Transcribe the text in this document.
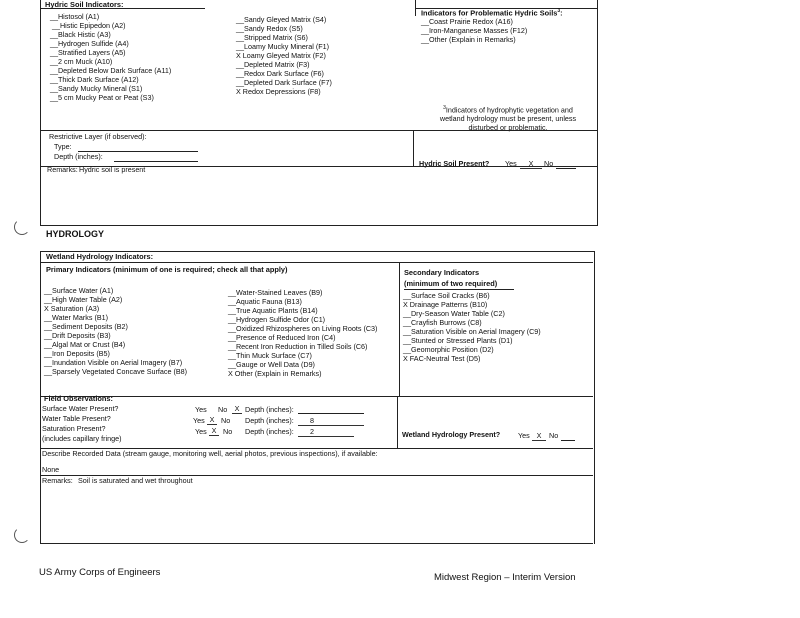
Hydric Soil Indicators:
Indicators for Problematic Hydric Soils$^3$:
__Histosol (A1)
__Histic Epipedon (A2)
__Black Histic (A3)
__Hydrogen Sulfide (A4)
__Stratified Layers (A5)
__2 cm Muck (A10)
__Depleted Below Dark Surface (A11)
__Thick Dark Surface (A12)
__Sandy Mucky Mineral (S1)
__5 cm Mucky Peat or Peat (S3)
__Sandy Gleyed Matrix (S4)
__Sandy Redox (S5)
__Stripped Matrix (S6)
__Loamy Mucky Mineral (F1)
X Loamy Gleyed Matrix (F2)
__Depleted Matrix (F3)
__Redox Dark Surface (F6)
__Depleted Dark Surface (F7)
X Redox Depressions (F8)
__Coast Prairie Redox (A16)
__Iron-Manganese Masses (F12)
__Other (Explain in Remarks)
$^3$Indicators of hydrophytic vegetation and
wetland hydrology must be present, unless
disturbed or problematic.
Restrictive Layer (if observed):
Type:
Depth (inches):
Hydric Soil Present? Yes	X	No
Remarks: Hydric soil is present
HYDROLOGY
Wetland Hydrology Indicators:
Primary Indicators (minimum of one is required; check all that apply)	Secondary Indicators
(minimum of two required)
__Surface Water (A1)
__High Water Table (A2)
X Saturation (A3)
__Water Marks (B1)
__Sediment Deposits (B2)
__Drift Deposits (B3)
__Algal Mat or Crust (B4)
__Iron Deposits (B5)
__Inundation Visible on Aerial Imagery (B7)
__Sparsely Vegetated Concave Surface (B8)
__Water-Stained Leaves (B9)
__Aquatic Fauna (B13)
__True Aquatic Plants (B14)
__Hydrogen Sulfide Odor (C1)
__Oxidized Rhizospheres on Living Roots (C3)
__Presence of Reduced Iron (C4)
__Recent Iron Reduction in Tilled Soils (C6)
__Thin Muck Surface (C7)
__Gauge or Well Data (D9)
X Other (Explain in Remarks)
__Surface Soil Cracks (B6)
X Drainage Patterns (B10)
__Dry-Season Water Table (C2)
__Crayfish Burrows (C8)
__Saturation Visible on Aerial Imagery (C9)
__Stunted or Stressed Plants (D1)
__Geomorphic Position (D2)
X FAC-Neutral Test (D5)
Field Observations:
Surface Water Present?	Yes No	X Depth (inches):
Water Table Present?	Yes X No Depth (inches):	8
Saturation Present?
(includes capillary fringe)
Yes X No Depth (inches):	2	Wetland Hydrology Present? Yes X	No
Describe Recorded Data (stream gauge, monitoring well, aerial photos, previous inspections), if available:
None
Remarks: Soil is saturated and wet throughout
US Army Corps of Engineers	Midwest Region – Interim Version
